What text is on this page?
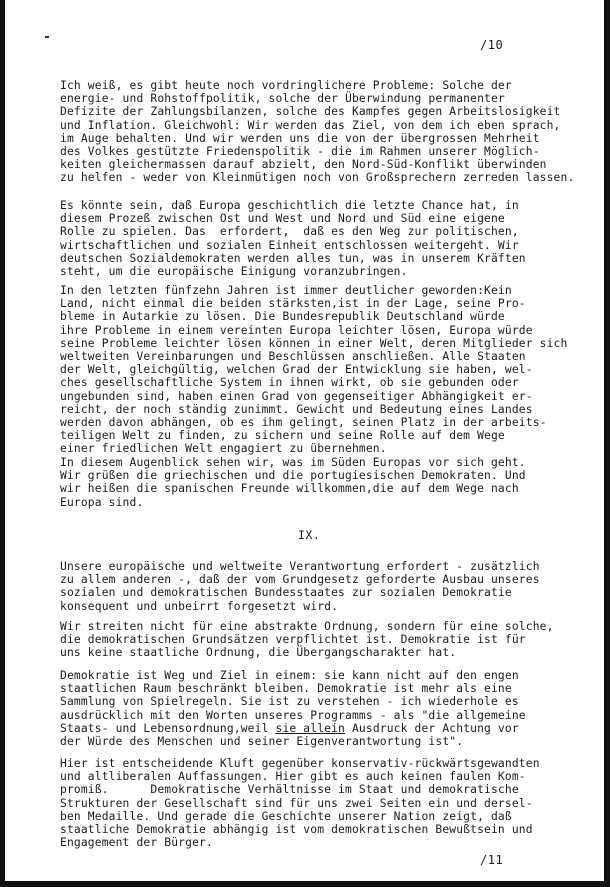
/10
Ich weiß, es gibt heute noch vordringlichere Probleme: Solche der
energie- und Rohstoffpolitik, solche der Überwindung permanenter
Defizite der Zahlungsbilanzen, solche des Kampfes gegen Arbeitslosigkeit
und Inflation. Gleichwohl: Wir werden das Ziel, von dem ich eben sprach,
im Auge behalten. Und wir werden uns die von der übergrossen Mehrheit
des Volkes gestützte Friedenspolitik - die im Rahmen unserer Möglich-
keiten gleichermassen darauf abzielt, den Nord-Süd-Konflikt überwinden
zu helfen - weder von Kleinmütigen noch von Großsprechern zerreden lassen.
Es könnte sein, daß Europa geschichtlich die letzte Chance hat, in
diesem Prozeß zwischen Ost und West und Nord und Süd eine eigene
Rolle zu spielen. Das  erfordert,  daß es den Weg zur politischen,
wirtschaftlichen und sozialen Einheit entschlossen weitergeht. Wir
deutschen Sozialdemokraten werden alles tun, was in unserem Kräften
steht, um die europäische Einigung voranzubringen.
In den letzten fünfzehn Jahren ist immer deutlicher geworden:Kein
Land, nicht einmal die beiden stärksten,ist in der Lage, seine Pro-
bleme in Autarkie zu lösen. Die Bundesrepublik Deutschland würde
ihre Probleme in einem vereinten Europa leichter lösen, Europa würde
seine Probleme leichter lösen können in einer Welt, deren Mitglieder sich
weltweiten Vereinbarungen und Beschlüssen anschließen. Alle Staaten
der Welt, gleichgültig, welchen Grad der Entwicklung sie haben, wel-
ches gesellschaftliche System in ihnen wirkt, ob sie gebunden oder
ungebunden sind, haben einen Grad von gegenseitiger Abhängigkeit er-
reicht, der noch ständig zunimmt. Gewicht und Bedeutung eines Landes
werden davon abhängen, ob es ihm gelingt, seinen Platz in der arbeits-
teiligen Welt zu finden, zu sichern und seine Rolle auf dem Wege
einer friedlichen Welt engagiert zu übernehmen.
In diesem Augenblick sehen wir, was im Süden Europas vor sich geht.
Wir grüßen die griechischen und die portugiesischen Demokraten. Und
wir heißen die spanischen Freunde willkommen,die auf dem Wege nach
Europa sind.
IX.
Unsere europäische und weltweite Verantwortung erfordert - zusätzlich
zu allem anderen -, daß der vom Grundgesetz geforderte Ausbau unseres
sozialen und demokratischen Bundesstaates zur sozialen Demokratie
konsequent und unbeirrt forgesetzt wird.
Wir streiten nicht für eine abstrakte Ordnung, sondern für eine solche,
die demokratischen Grundsätzen verpflichtet ist. Demokratie ist für
uns keine staatliche Ordnung, die Übergangscharakter hat.
Demokratie ist Weg und Ziel in einem: sie kann nicht auf den engen
staatlichen Raum beschränkt bleiben. Demokratie ist mehr als eine
Sammlung von Spielregeln. Sie ist zu verstehen - ich wiederhole es
ausdrücklich mit den Worten unseres Programms - als "die allgemeine
Staats- und Lebensordnung,weil sie allein Ausdruck der Achtung vor
der Würde des Menschen und seiner Eigenverantwortung ist".
Hier ist entscheidende Kluft gegenüber konservativ-rückwärtsgewandten
und altliberalen Auffassungen. Hier gibt es auch keinen faulen Kom-
promiß.      Demokratische Verhältnisse im Staat und demokratische
Strukturen der Gesellschaft sind für uns zwei Seiten ein und dersel-
ben Medaille. Und gerade die Geschichte unserer Nation zeigt, daß
staatliche Demokratie abhängig ist vom demokratischen Bewußtsein und
Engagement der Bürger.
/11
